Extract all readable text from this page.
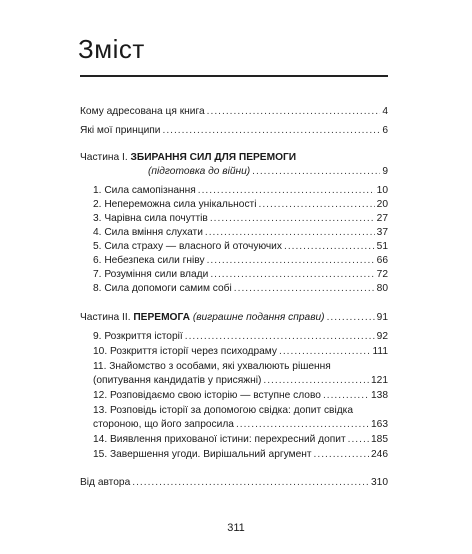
Зміст
Кому адресована ця книга .....	4
Які мої принципи .....	6
Частина I. ЗБИРАННЯ СИЛ ДЛЯ ПЕРЕМОГИ
(підготовка до війни) .....	9
1. Сила самопізнання .....	10
2. Непереможна сила унікальності .....	20
3. Чарівна сила почуттів .....	27
4. Сила вміння слухати .....	37
5. Сила страху — власного й оточуючих .....	51
6. Небезпека сили гніву .....	66
7. Розуміння сили влади .....	72
8. Сила допомоги самим собі .....	80
Частина II. ПЕРЕМОГА (виграшне подання справи) .....	91
9. Розкриття історії .....	92
10. Розкриття історії через психодраму .....	111
11. Знайомство з особами, які ухвалюють рішення
(опитування кандидатів у присяжні) .....	121
12. Розповідаємо свою історію — вступне слово .....	138
13. Розповідь історії за допомогою свідка: допит свідка
стороною, що його запросила .....	163
14. Виявлення прихованої істини: перехресний допит ..... 185
15. Завершення угоди. Вирішальний аргумент .....	246
Від автора .....	310
311
